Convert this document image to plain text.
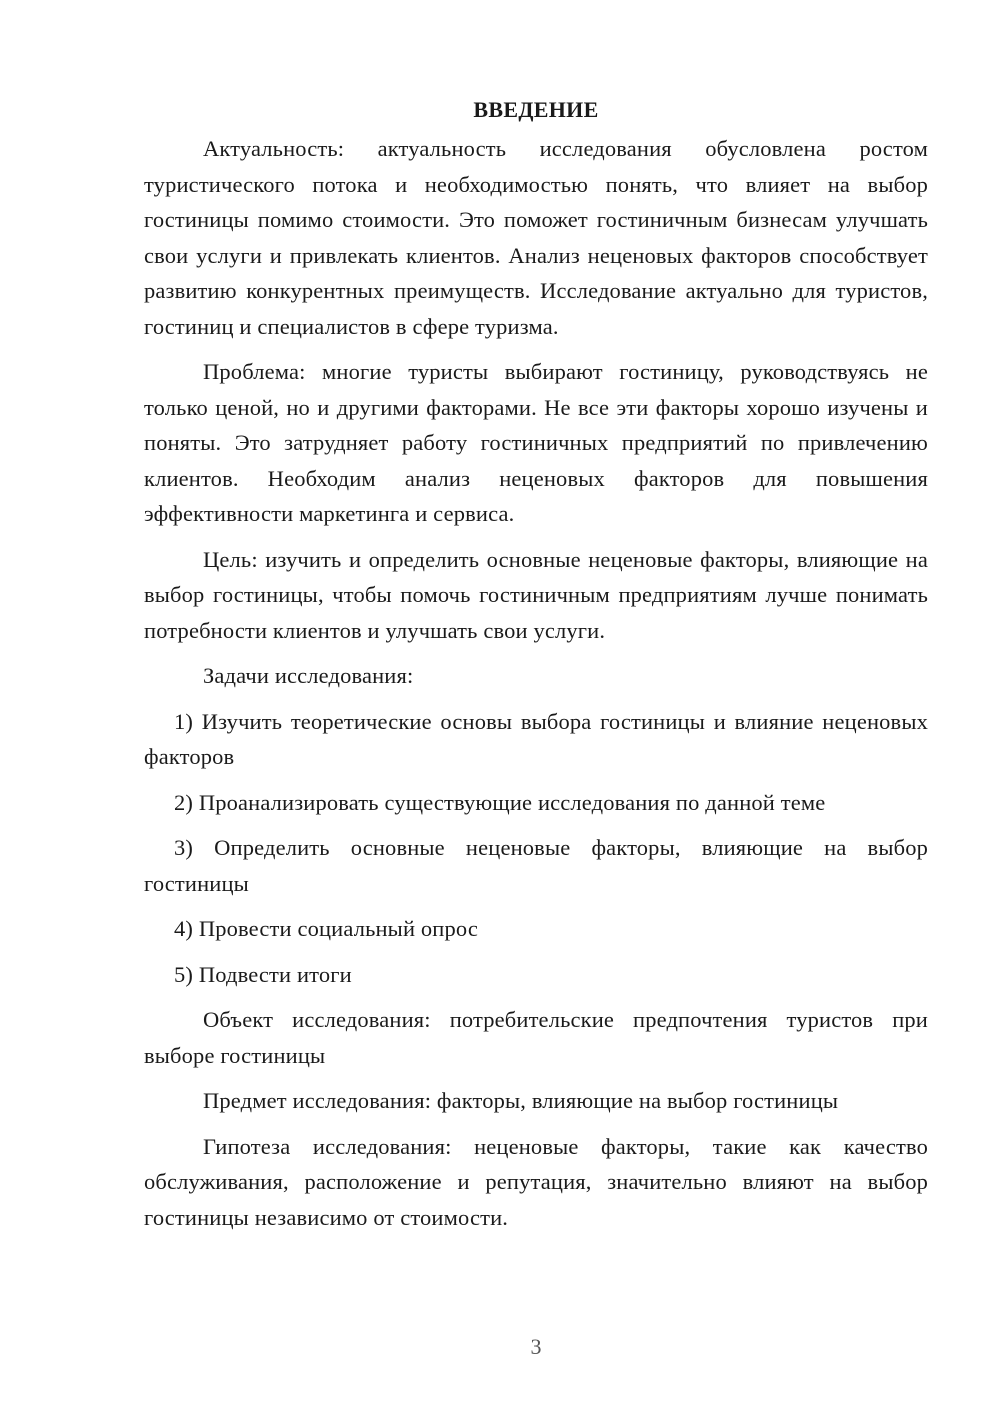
ВВЕДЕНИЕ

Актуальность: актуальность исследования обусловлена ростом туристического потока и необходимостью понять, что влияет на выбор гостиницы помимо стоимости. Это поможет гостиничным бизнесам улучшать свои услуги и привлекать клиентов. Анализ неценовых факторов способствует развитию конкурентных преимуществ. Исследование актуально для туристов, гостиниц и специалистов в сфере туризма.

Проблема: многие туристы выбирают гостиницу, руководствуясь не только ценой, но и другими факторами. Не все эти факторы хорошо изучены и поняты. Это затрудняет работу гостиничных предприятий по привлечению клиентов. Необходим анализ неценовых факторов для повышения эффективности маркетинга и сервиса.

Цель: изучить и определить основные неценовые факторы, влияющие на выбор гостиницы, чтобы помочь гостиничным предприятиям лучше понимать потребности клиентов и улучшать свои услуги.

Задачи исследования:

1) Изучить теоретические основы выбора гостиницы и влияние неценовых факторов

2) Проанализировать существующие исследования по данной теме

3) Определить основные неценовые факторы, влияющие на выбор гостиницы

4) Провести социальный опрос

5) Подвести итоги

Объект исследования: потребительские предпочтения туристов при выборе гостиницы

Предмет исследования: факторы, влияющие на выбор гостиницы

Гипотеза исследования: неценовые факторы, такие как качество обслуживания, расположение и репутация, значительно влияют на выбор гостиницы независимо от стоимости.

3
